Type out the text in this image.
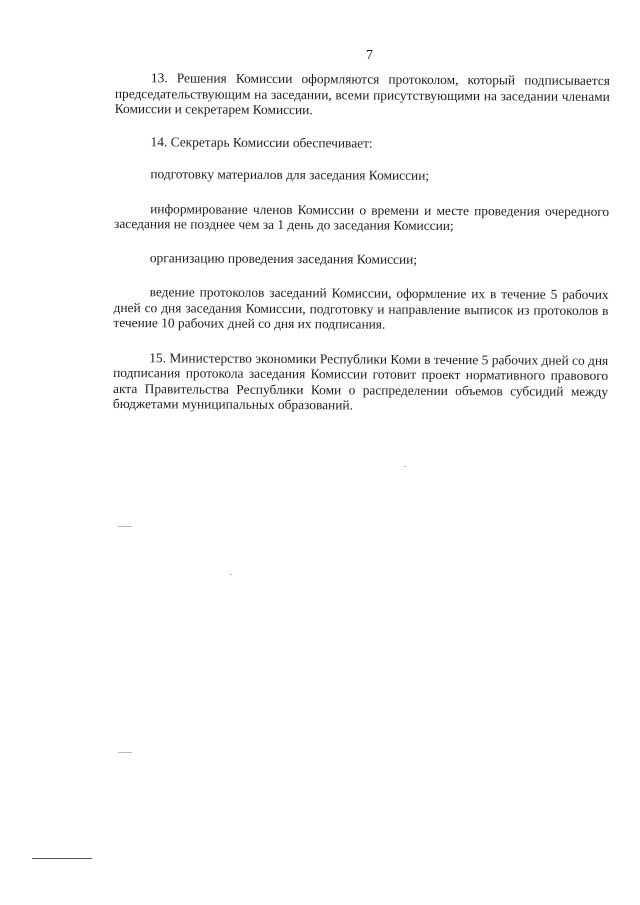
7

13. Решения Комиссии оформляются протоколом, который подписывается председательствующим на заседании, всеми присутствующими на заседании членами Комиссии и секретарем Комиссии.

14. Секретарь Комиссии обеспечивает:

подготовку материалов для заседания Комиссии;

информирование членов Комиссии о времени и месте проведения очередного заседания не позднее чем за 1 день до заседания Комиссии;

организацию проведения заседания Комиссии;

ведение протоколов заседаний Комиссии, оформление их в течение 5 рабочих дней со дня заседания Комиссии, подготовку и направление выписок из протоколов в течение 10 рабочих дней со дня их подписания.

15. Министерство экономики Республики Коми в течение 5 рабочих дней со дня подписания протокола заседания Комиссии готовит проект нормативного правового акта Правительства Республики Коми о распределении объемов субсидий между бюджетами муниципальных образований.
